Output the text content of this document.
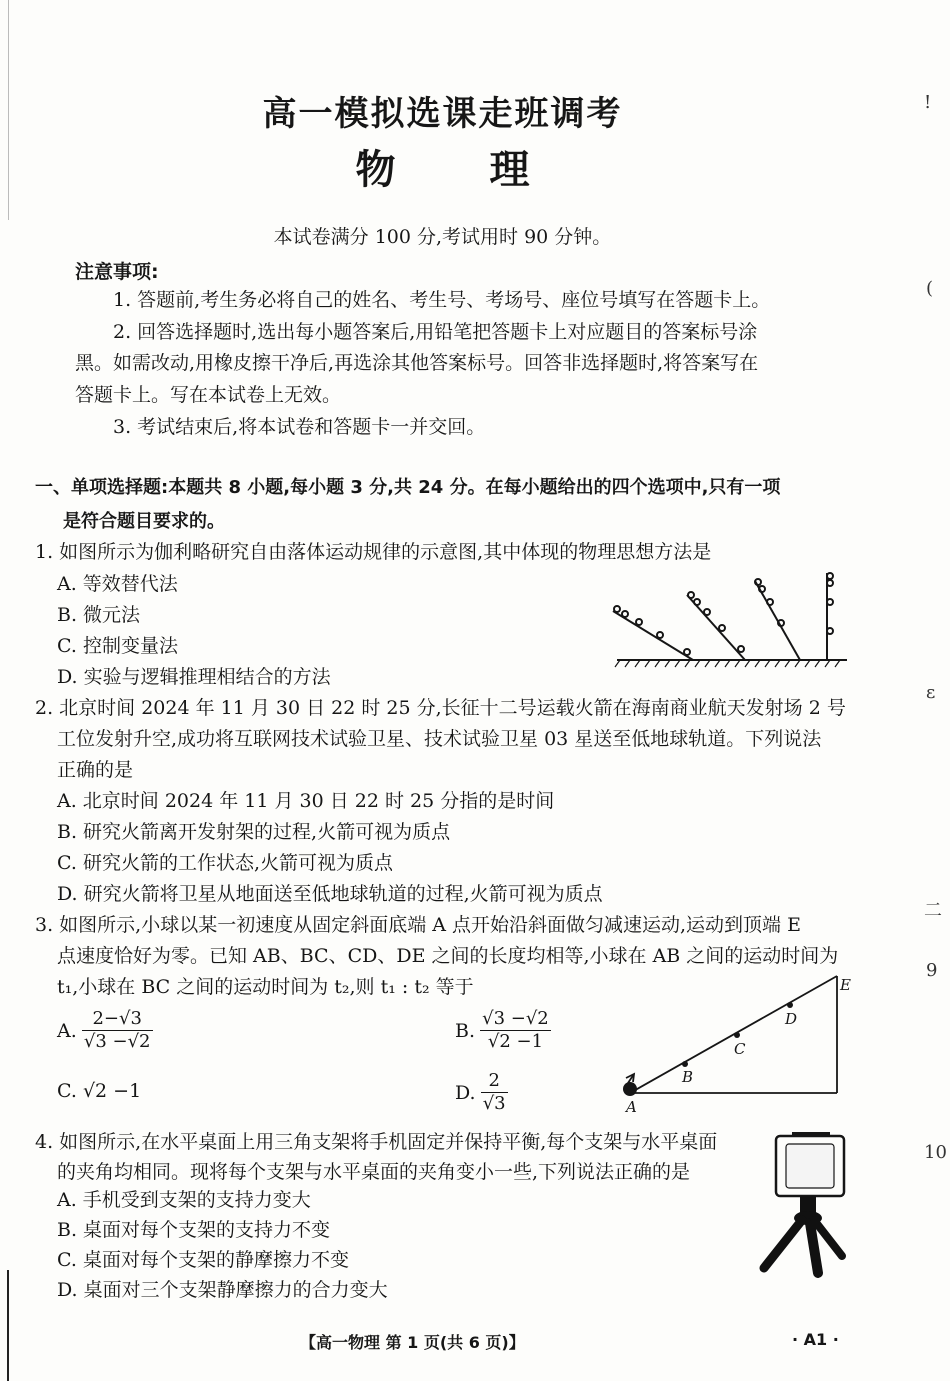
高一模拟选课走班调考
物 理
本试卷满分 100 分,考试用时 90 分钟。
注意事项:
1. 答题前,考生务必将自己的姓名、考生号、考场号、座位号填写在答题卡上。
2. 回答选择题时,选出每小题答案后,用铅笔把答题卡上对应题目的答案标号涂
黑。如需改动,用橡皮擦干净后,再选涂其他答案标号。回答非选择题时,将答案写在
答题卡上。写在本试卷上无效。
3. 考试结束后,将本试卷和答题卡一并交回。
一、单项选择题:本题共 8 小题,每小题 3 分,共 24 分。在每小题给出的四个选项中,只有一项
是符合题目要求的。
1. 如图所示为伽利略研究自由落体运动规律的示意图,其中体现的物理思想方法是
A. 等效替代法
B. 微元法
C. 控制变量法
D. 实验与逻辑推理相结合的方法
2. 北京时间 2024 年 11 月 30 日 22 时 25 分,长征十二号运载火箭在海南商业航天发射场 2 号
工位发射升空,成功将互联网技术试验卫星、技术试验卫星 03 星送至低地球轨道。下列说法
正确的是
A. 北京时间 2024 年 11 月 30 日 22 时 25 分指的是时间
B. 研究火箭离开发射架的过程,火箭可视为质点
C. 研究火箭的工作状态,火箭可视为质点
D. 研究火箭将卫星从地面送至低地球轨道的过程,火箭可视为质点
3. 如图所示,小球以某一初速度从固定斜面底端 A 点开始沿斜面做匀减速运动,运动到顶端 E
点速度恰好为零。已知 AB、BC、CD、DE 之间的长度均相等,小球在 AB 之间的运动时间为
t₁,小球在 BC 之间的运动时间为 t₂,则 t₁ : t₂ 等于
A. $\frac{2-√3}{√3 -√2}$	B. $\frac{√3 -√2}{√2 -1}$
C. √2 −1	D. $\frac{2}{√3}$	A
B
C
D
E
4. 如图所示,在水平桌面上用三角支架将手机固定并保持平衡,每个支架与水平桌面
的夹角均相同。现将每个支架与水平桌面的夹角变小一些,下列说法正确的是
A. 手机受到支架的支持力变大
B. 桌面对每个支架的支持力不变
C. 桌面对每个支架的静摩擦力不变
D. 桌面对三个支架静摩擦力的合力变大
【高一物理 第 1 页(共 6 页)】	· A1 ·
!
(
ε
二
9
10
